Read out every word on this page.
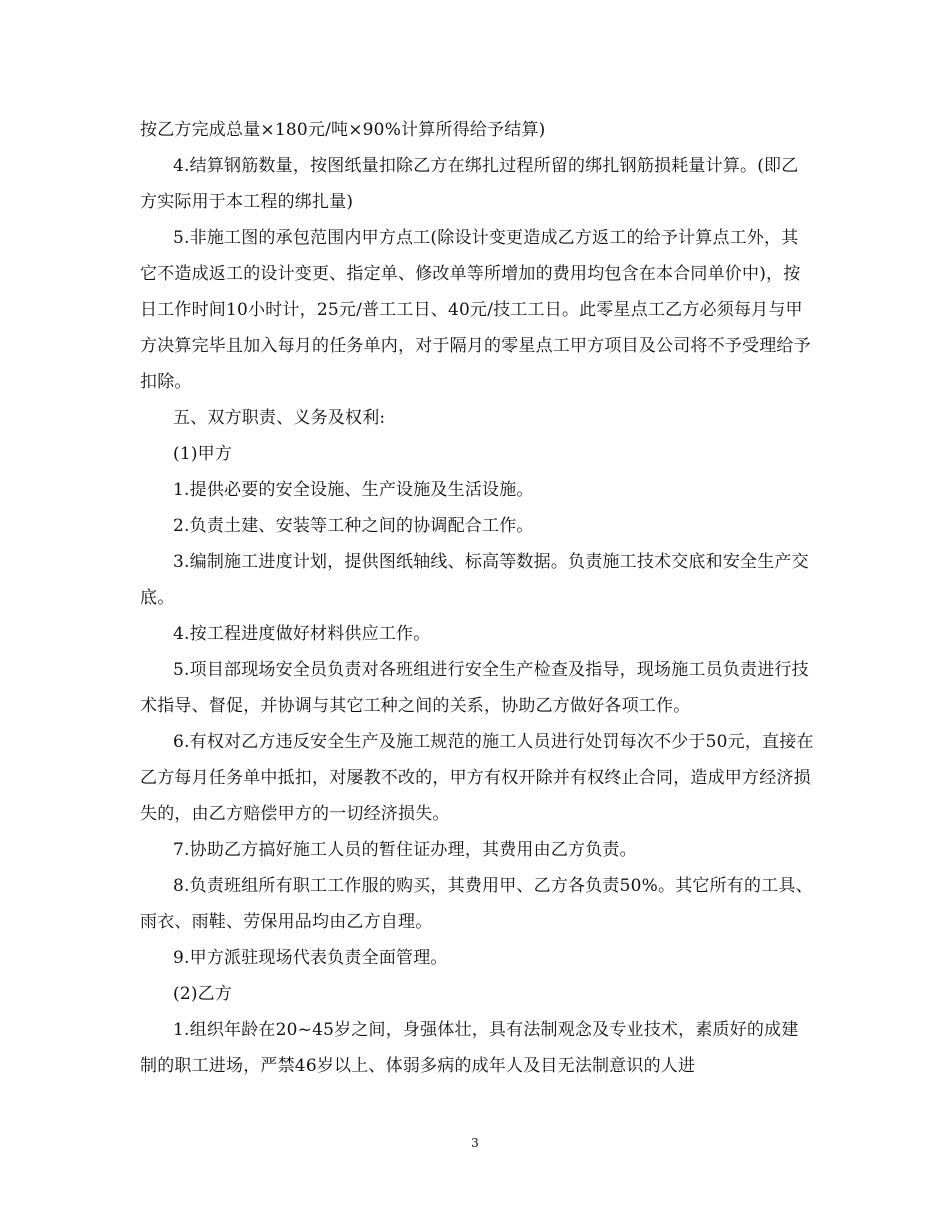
按乙方完成总量×180元/吨×90%计算所得给予结算)

4.结算钢筋数量，按图纸量扣除乙方在绑扎过程所留的绑扎钢筋损耗量计算。(即乙方实际用于本工程的绑扎量)

5.非施工图的承包范围内甲方点工(除设计变更造成乙方返工的给予计算点工外，其它不造成返工的设计变更、指定单、修改单等所增加的费用均包含在本合同单价中)，按日工作时间10小时计，25元/普工工日、40元/技工工日。此零星点工乙方必须每月与甲方决算完毕且加入每月的任务单内，对于隔月的零星点工甲方项目及公司将不予受理给予扣除。

五、双方职责、义务及权利:

(1)甲方

1.提供必要的安全设施、生产设施及生活设施。

2.负责土建、安装等工种之间的协调配合工作。

3.编制施工进度计划，提供图纸轴线、标高等数据。负责施工技术交底和安全生产交底。

4.按工程进度做好材料供应工作。

5.项目部现场安全员负责对各班组进行安全生产检查及指导，现场施工员负责进行技术指导、督促，并协调与其它工种之间的关系，协助乙方做好各项工作。

6.有权对乙方违反安全生产及施工规范的施工人员进行处罚每次不少于50元，直接在乙方每月任务单中抵扣，对屡教不改的，甲方有权开除并有权终止合同，造成甲方经济损失的，由乙方赔偿甲方的一切经济损失。

7.协助乙方搞好施工人员的暂住证办理，其费用由乙方负责。

8.负责班组所有职工工作服的购买，其费用甲、乙方各负责50%。其它所有的工具、雨衣、雨鞋、劳保用品均由乙方自理。

9.甲方派驻现场代表负责全面管理。

(2)乙方

1.组织年龄在20~45岁之间，身强体壮，具有法制观念及专业技术，素质好的成建制的职工进场，严禁46岁以上、体弱多病的成年人及目无法制意识的人进

3
